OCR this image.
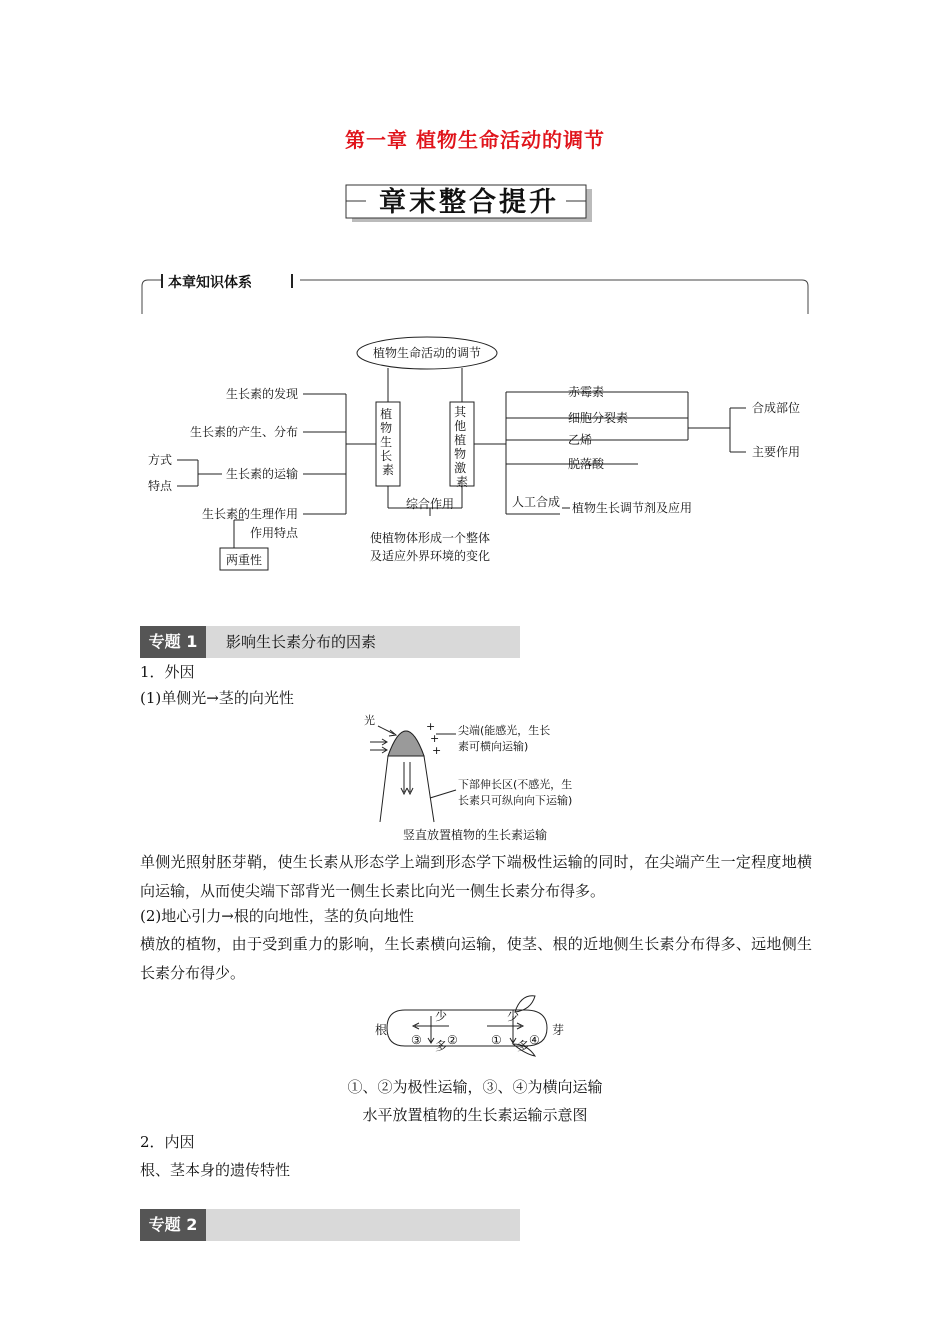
第一章 植物生命活动的调节
章末整合提升
本章知识体系
植物生命活动的调节
植 物 生 长 素
其 他 植 物 激 素
生长素的发现
生长素的产生、分布
生长素的运输
生长素的生理作用
方式
特点
作用特点
两重性
综合作用
使植物体形成一个整体
及适应外界环境的变化
赤霉素
细胞分裂素
乙烯
脱落酸
合成部位
主要作用
人工合成 植物生长调节剂及应用
专题 1	影响生长素分布的因素
1．外因
(1)单侧光→茎的向光性
+
+
+
光
尖端(能感光，生长
素可横向运输)
下部伸长区(不感光，生
长素只可纵向向下运输)
竖直放置植物的生长素运输
单侧光照射胚芽鞘，使生长素从形态学上端到形态学下端极性运输的同时，在尖端产生一定程度地横向运输，从而使尖端下部背光一侧生长素比向光一侧生长素分布得多。
(2)地心引力→根的向地性，茎的负向地性
横放的植物，由于受到重力的影响，生长素横向运输，使茎、根的近地侧生长素分布得多、远地侧生长素分布得少。
根	芽
少
多
少
多
③ ②	① ④
①、②为极性运输，③、④为横向运输
水平放置植物的生长素运输示意图
2．内因
根、茎本身的遗传特性
专题 2
